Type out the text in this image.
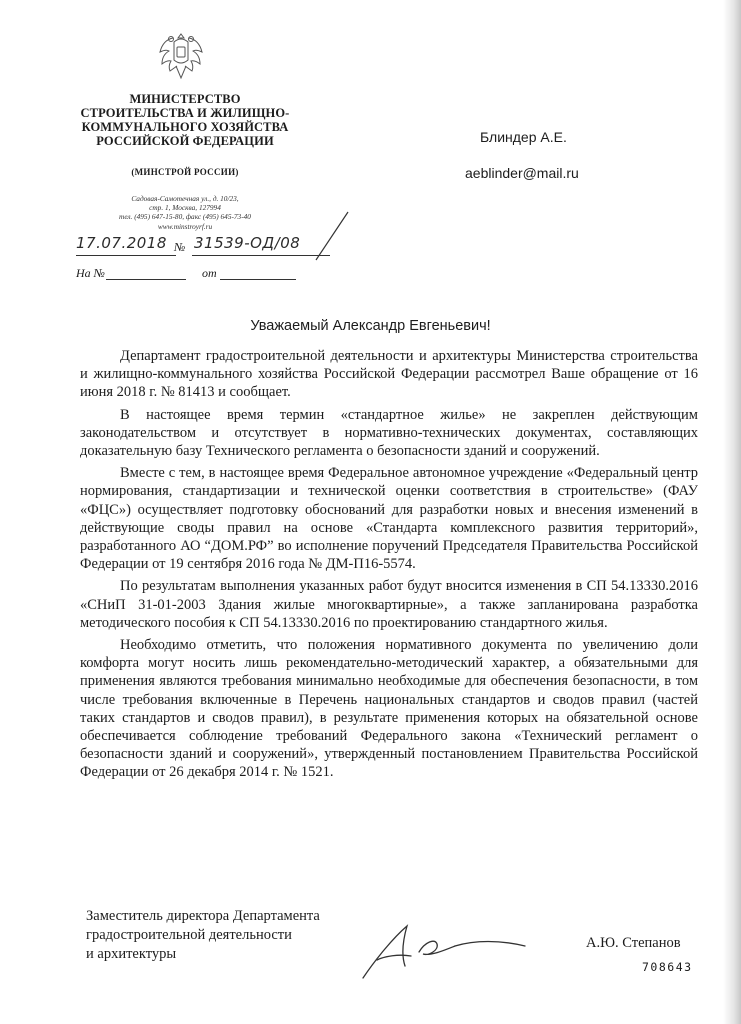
МИНИСТЕРСТВО
СТРОИТЕЛЬСТВА И ЖИЛИЩНО-
КОММУНАЛЬНОГО ХОЗЯЙСТВА
РОССИЙСКОЙ ФЕДЕРАЦИИ
(МИНСТРОЙ РОССИИ)
Садовая-Самотечная ул., д. 10/23,
стр. 1, Москва, 127994
тел. (495) 647-15-80, факс (495) 645-73-40
www.minstroyrf.ru
17.07.2018 № 31539-ОД/08
На №	от
Блиндер А.Е.
aeblinder@mail.ru
Уважаемый Александр Евгеньевич!

Департамент градостроительной деятельности и архитектуры Министерства строительства и жилищно-коммунального хозяйства Российской Федерации рассмотрел Ваше обращение от 16 июня 2018 г. № 81413 и сообщает.

В настоящее время термин «стандартное жилье» не закреплен действующим законодательством и отсутствует в нормативно-технических документах, составляющих доказательную базу Технического регламента о безопасности зданий и сооружений.

Вместе с тем, в настоящее время Федеральное автономное учреждение «Федеральный центр нормирования, стандартизации и технической оценки соответствия в строительстве» (ФАУ «ФЦС») осуществляет подготовку обоснований для разработки новых и внесения изменений в действующие своды правил на основе «Стандарта комплексного развития территорий», разработанного АО “ДОМ.РФ” во исполнение поручений Председателя Правительства Российской Федерации от 19 сентября 2016 года № ДМ-П16-5574.

По результатам выполнения указанных работ будут вносится изменения в СП 54.13330.2016 «СНиП 31-01-2003 Здания жилые многоквартирные», а также запланирована разработка методического пособия к СП 54.13330.2016 по проектированию стандартного жилья.

Необходимо отметить, что положения нормативного документа по увеличению доли комфорта могут носить лишь рекомендательно-методический характер, а обязательными для применения являются требования минимально необходимые для обеспечения безопасности, в том числе требования включенные в Перечень национальных стандартов и сводов правил (частей таких стандартов и сводов правил), в результате применения которых на обязательной основе обеспечивается соблюдение требований Федерального закона «Технический регламент о безопасности зданий и сооружений», утвержденный постановлением Правительства Российской Федерации от 26 декабря 2014 г. № 1521.

Заместитель директора Департамента
градостроительной деятельности
и архитектуры
А.Ю. Степанов
708643
